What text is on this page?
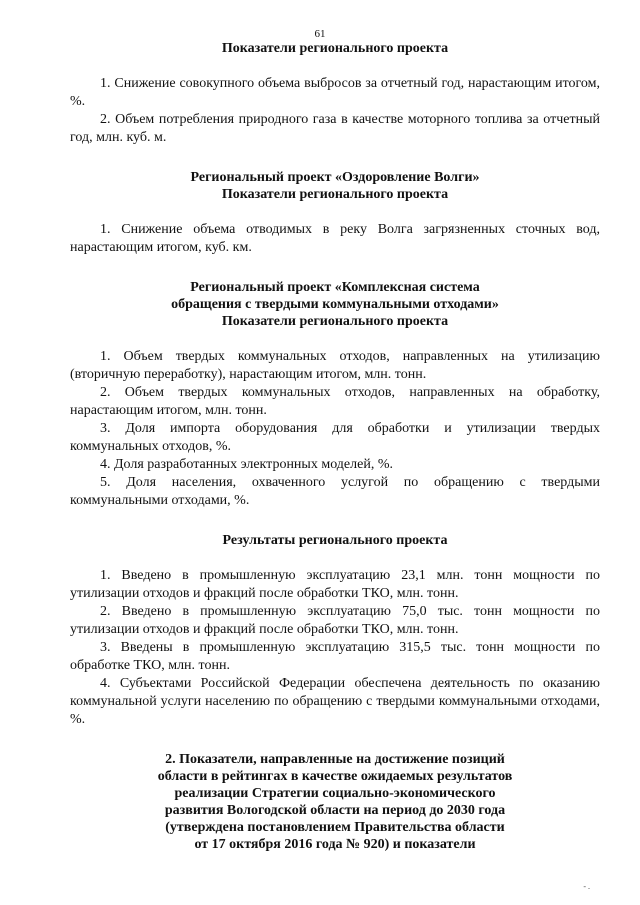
61

Показатели регионального проекта

1. Снижение совокупного объема выбросов за отчетный год, нарастающим итогом, %.

2. Объем потребления природного газа в качестве моторного топлива за отчетный год, млн. куб. м.

Региональный проект «Оздоровление Волги»

Показатели регионального проекта

1. Снижение объема отводимых в реку Волга загрязненных сточных вод, нарастающим итогом, куб. км.

Региональный проект «Комплексная система

обращения с твердыми коммунальными отходами»

Показатели регионального проекта

1. Объем твердых коммунальных отходов, направленных на утилизацию (вторичную переработку), нарастающим итогом, млн. тонн.

2. Объем твердых коммунальных отходов, направленных на обработку, нарастающим итогом, млн. тонн.

3. Доля импорта оборудования для обработки и утилизации твердых коммунальных отходов, %.

4. Доля разработанных электронных моделей, %.

5. Доля населения, охваченного услугой по обращению с твердыми коммунальными отходами, %.

Результаты регионального проекта

1. Введено в промышленную эксплуатацию 23,1 млн. тонн мощности по утилизации отходов и фракций после обработки ТКО, млн. тонн.

2. Введено в промышленную эксплуатацию 75,0 тыс. тонн мощности по утилизации отходов и фракций после обработки ТКО, млн. тонн.

3. Введены в промышленную эксплуатацию 315,5 тыс. тонн мощности по обработке ТКО, млн. тонн.

4. Субъектами Российской Федерации обеспечена деятельность по оказанию коммунальной услуги населению по обращению с твердыми коммунальными отходами, %.

2. Показатели, направленные на достижение позиций

области в рейтингах в качестве ожидаемых результатов

реализации Стратегии социально-экономического

развития Вологодской области на период до 2030 года

(утверждена постановлением Правительства области

от 17 октября 2016 года № 920) и показатели

- .
